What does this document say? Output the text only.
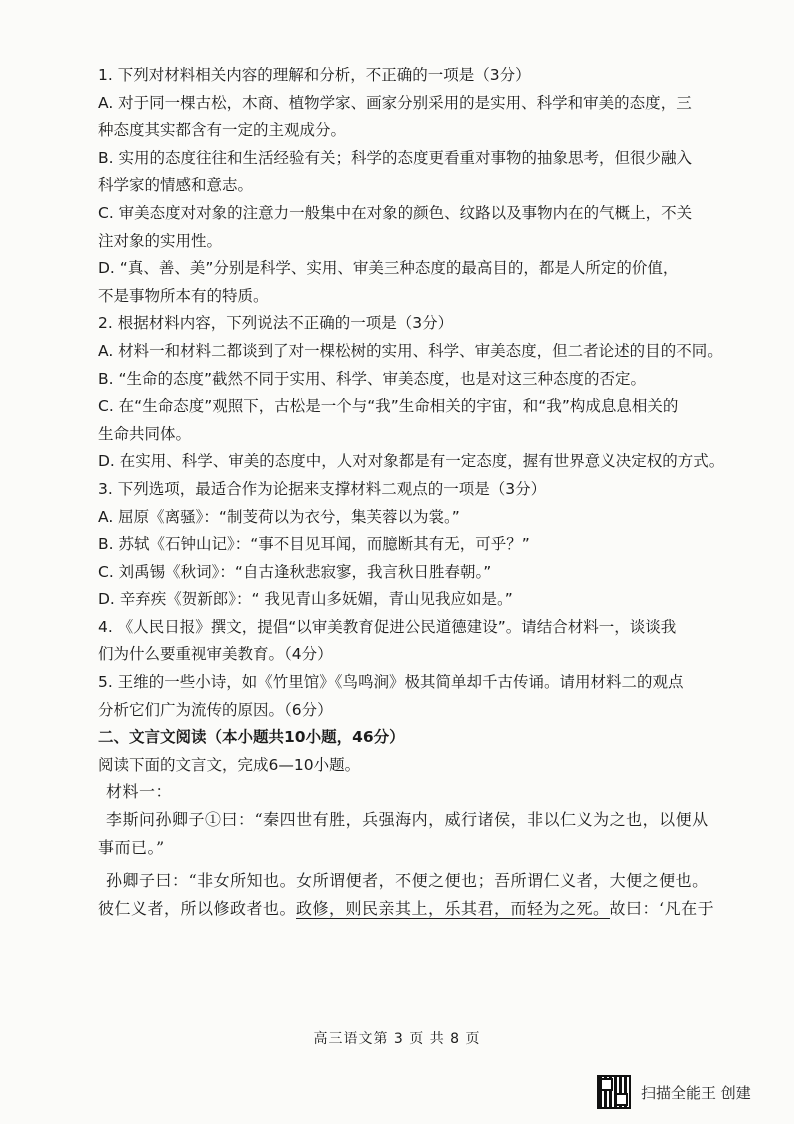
1. 下列对材料相关内容的理解和分析，不正确的一项是（3分）
A. 对于同一棵古松，木商、植物学家、画家分别采用的是实用、科学和审美的态度，三
种态度其实都含有一定的主观成分。
B. 实用的态度往往和生活经验有关；科学的态度更看重对事物的抽象思考，但很少融入
科学家的情感和意志。
C. 审美态度对对象的注意力一般集中在对象的颜色、纹路以及事物内在的气概上，不关
注对象的实用性。
D. “真、善、美”分别是科学、实用、审美三种态度的最高目的，都是人所定的价值，
不是事物所本有的特质。
2. 根据材料内容，下列说法不正确的一项是（3分）
A. 材料一和材料二都谈到了对一棵松树的实用、科学、审美态度，但二者论述的目的不同。
B. “生命的态度”截然不同于实用、科学、审美态度，也是对这三种态度的否定。
C. 在“生命态度”观照下，古松是一个与“我”生命相关的宇宙，和“我”构成息息相关的
生命共同体。
D. 在实用、科学、审美的态度中，人对对象都是有一定态度，握有世界意义决定权的方式。
3. 下列选项，最适合作为论据来支撑材料二观点的一项是（3分）
A. 屈原《离骚》：“制芰荷以为衣兮，集芙蓉以为裳。”
B. 苏轼《石钟山记》：“事不目见耳闻，而臆断其有无，可乎？”
C. 刘禹锡《秋词》：“自古逢秋悲寂寥，我言秋日胜春朝。”
D. 辛弃疾《贺新郎》：“ 我见青山多妩媚，青山见我应如是。”
4. 《人民日报》撰文，提倡“以审美教育促进公民道德建设”。请结合材料一，谈谈我
们为什么要重视审美教育。（4分）
5. 王维的一些小诗，如《竹里馆》《鸟鸣涧》极其简单却千古传诵。请用材料二的观点
分析它们广为流传的原因。（6分）
二、文言文阅读（本小题共10小题，46分）
阅读下面的文言文，完成6—10小题。
材料一：
李斯问孙卿子①曰：“秦四世有胜，兵强海内，威行诸侯，非以仁义为之也，以便从
事而已。”
孙卿子曰：“非女所知也。女所谓便者，不便之便也；吾所谓仁义者，大便之便也。
彼仁义者，所以修政者也。政修，则民亲其上，乐其君，而轻为之死。故曰：‘凡在于
高三语文第 3 页 共 8 页
扫描全能王 创建
